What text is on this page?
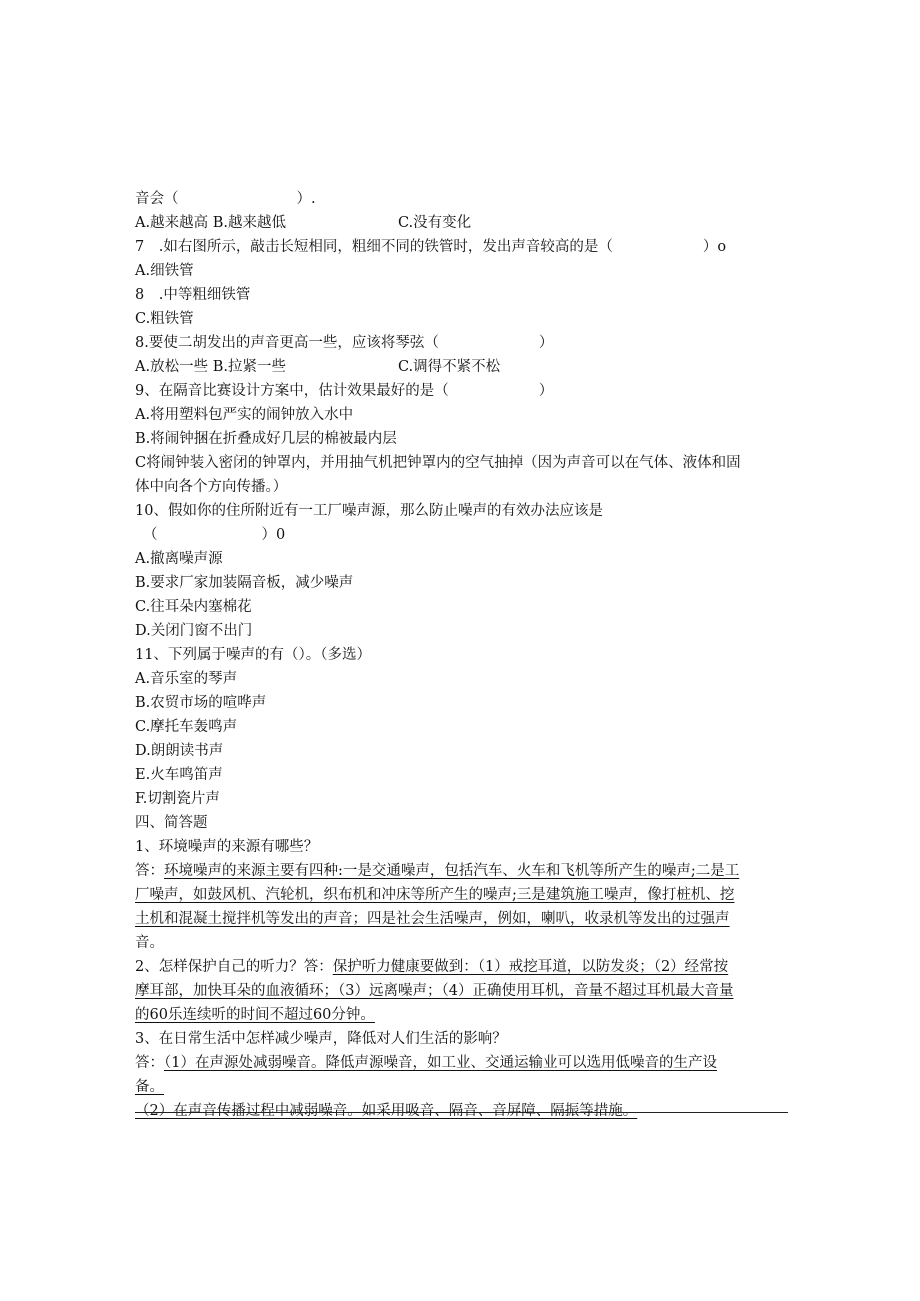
音会（	）.
A.越来越高 B.越来越低	C.没有变化
7　.如右图所示，敲击长短相同，粗细不同的铁管时，发出声音较高的是（	）o
A.细铁管
8　.中等粗细铁管
C.粗铁管
8.要使二胡发出的声音更高一些，应该将琴弦（	）
A.放松一些 B.拉紧一些	C.调得不紧不松
9、在隔音比赛设计方案中，估计效果最好的是（	）
A.将用塑料包严实的闹钟放入水中
B.将闹钟捆在折叠成好几层的棉被最内层
C将闹钟装入密闭的钟罩内，并用抽气机把钟罩内的空气抽掉（因为声音可以在气体、液体和固
体中向各个方向传播。）
10、假如你的住所附近有一工厂噪声源，那么防止噪声的有效办法应该是
（	）0
A.撤离噪声源
B.要求厂家加装隔音板，减少噪声
C.往耳朵内塞棉花
D.关闭门窗不出门
11、下列属于噪声的有（）。（多选）
A.音乐室的琴声
B.农贸市场的喧哗声
C.摩托车轰鸣声
D.朗朗读书声
E.火车鸣笛声
F.切割瓷片声
四、简答题
1、环境噪声的来源有哪些？
答：环境噪声的来源主要有四种:一是交通噪声，包括汽车、火车和飞机等所产生的噪声;二是工
厂噪声，如鼓风机、汽轮机，织布机和冲床等所产生的噪声;三是建筑施工噪声，像打桩机、挖
土机和混凝土搅拌机等发出的声音；四是社会生活噪声，例如，喇叭，收录机等发出的过强声
音。
2、怎样保护自己的听力？答：保护听力健康要做到：（1）戒挖耳道，以防发炎；（2）经常按
摩耳部，加快耳朵的血液循环；（3）远离噪声；（4）正确使用耳机，音量不超过耳机最大音量
的60乐连续听的时间不超过60分钟。
3、在日常生活中怎样减少噪声，降低对人们生活的影响？
答：（1）在声源处减弱噪音。降低声源噪音，如工业、交通运输业可以选用低噪音的生产设
备。
（2）在声音传播过程中减弱噪音。如采用吸音、隔音、音屏障、隔振等措施。
